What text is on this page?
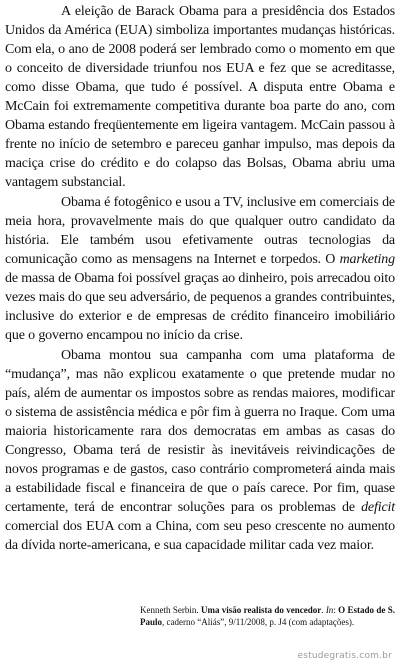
A eleição de Barack Obama para a presidência dos Estados Unidos da América (EUA) simboliza importantes mudanças históricas. Com ela, o ano de 2008 poderá ser lembrado como o momento em que o conceito de diversidade triunfou nos EUA e fez que se acreditasse, como disse Obama, que tudo é possível. A disputa entre Obama e McCain foi extremamente competitiva durante boa parte do ano, com Obama estando freqüentemente em ligeira vantagem. McCain passou à frente no início de setembro e pareceu ganhar impulso, mas depois da maciça crise do crédito e do colapso das Bolsas, Obama abriu uma vantagem substancial.

Obama é fotogênico e usou a TV, inclusive em comerciais de meia hora, provavelmente mais do que qualquer outro candidato da história. Ele também usou efetivamente outras tecnologias da comunicação como as mensagens na Internet e torpedos. O marketing de massa de Obama foi possível graças ao dinheiro, pois arrecadou oito vezes mais do que seu adversário, de pequenos a grandes contribuintes, inclusive do exterior e de empresas de crédito financeiro imobiliário que o governo encampou no início da crise.

Obama montou sua campanha com uma plataforma de “mudança”, mas não explicou exatamente o que pretende mudar no país, além de aumentar os impostos sobre as rendas maiores, modificar o sistema de assistência médica e pôr fim à guerra no Iraque. Com uma maioria historicamente rara dos democratas em ambas as casas do Congresso, Obama terá de resistir às inevitáveis reivindicações de novos programas e de gastos, caso contrário comprometerá ainda mais a estabilidade fiscal e financeira de que o país carece. Por fim, quase certamente, terá de encontrar soluções para os problemas de deficit comercial dos EUA com a China, com seu peso crescente no aumento da dívida norte-americana, e sua capacidade militar cada vez maior.

Kenneth Serbin. Uma visão realista do vencedor. In: O Estado de S. Paulo, caderno “Aliás”, 9/11/2008, p. J4 (com adaptações).
estudegratis.com.br
